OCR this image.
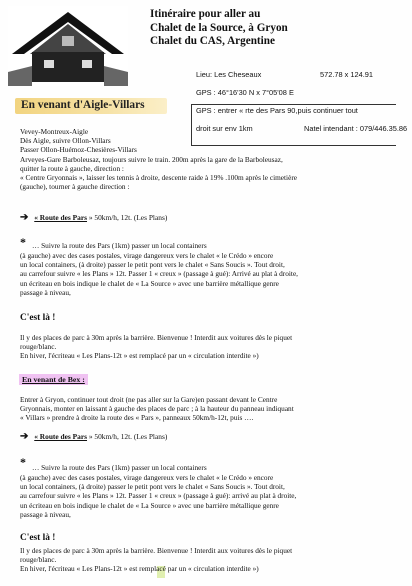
Itinéraire pour aller au
Chalet de la Source, à Gryon
Chalet du CAS, Argentine
Lieu: Les Cheseaux	572.78 x 124.91
GPS : 46°16'30 N x 7°05'08 E
GPS : entrer « rte des Pars 90,puis continuer tout
droit sur env 1km	Natel intendant : 079/446.35.86
En venant d'Aigle-Villars
Vevey-Montreux-Aigle
Dès Aigle, suivre Ollon-Villars
Passer Ollon-Huémoz-Chesières-Villars
Arveyes-Gare Barboleusaz, toujours suivre le train. 200m après la gare de la Barboleusaz,
quitter la route à gauche, direction :
« Centre Gryonnais », laisser les tennis à droite, descente raide à 19% .100m après le cimetière
(gauche), tourner à gauche direction :
➔ « Route des Pars » 50km/h, 12t. (Les Plans)
* … Suivre la route des Pars (1km) passer un local containers
(à gauche) avec des cases postales, virage dangereux vers le chalet « le Crédo » encore
un local containers, (à droite) passer le petit pont vers le chalet « Sans Soucis ». Tout droit,
au carrefour suivre « les Plans » 12t. Passer 1 « creux » (passage à gué): Arrivé au plat à droite,
un écriteau en bois indique le chalet de « La Source » avec une barrière métallique genre
passage à niveau,
C'est là !
Il y des places de parc à 30m après la barrière. Bienvenue ! Interdit aux voitures dès le piquet
rouge/blanc.
En hiver, l'écriteau « Les Plans-12t » est remplacé par un « circulation interdite »)
En venant de Bex :
Entrer à Gryon, continuer tout droit (ne pas aller sur la Gare)en passant devant le Centre
Gryonnais, monter en laissant à gauche des places de parc ; à la hauteur du panneau indiquant
« Villars » prendre à droite la route des « Pars », panneaux 50km/h-12t, puis ….
➔ « Route des Pars » 50km/h, 12t. (Les Plans)
* … Suivre la route des Pars (1km) passer un local containers
(à gauche) avec des cases postales, virage dangereux vers le chalet « le Crédo » encore
un local containers, (à droite) passer le petit pont vers le chalet « Sans Soucis ». Tout droit,
au carrefour suivre « les Plans » 12t. Passer 1 « creux » (passage à gué): arrivé au plat à droite,
un écriteau en bois indique le chalet de « La Source » avec une barrière métallique genre
passage à niveau,
C'est là !
Il y des places de parc à 30m après la barrière. Bienvenue ! Interdit aux voitures dès le piquet
rouge/blanc.
En hiver, l'écriteau « Les Plans-12t » est remplacé par un « circulation interdite »)
